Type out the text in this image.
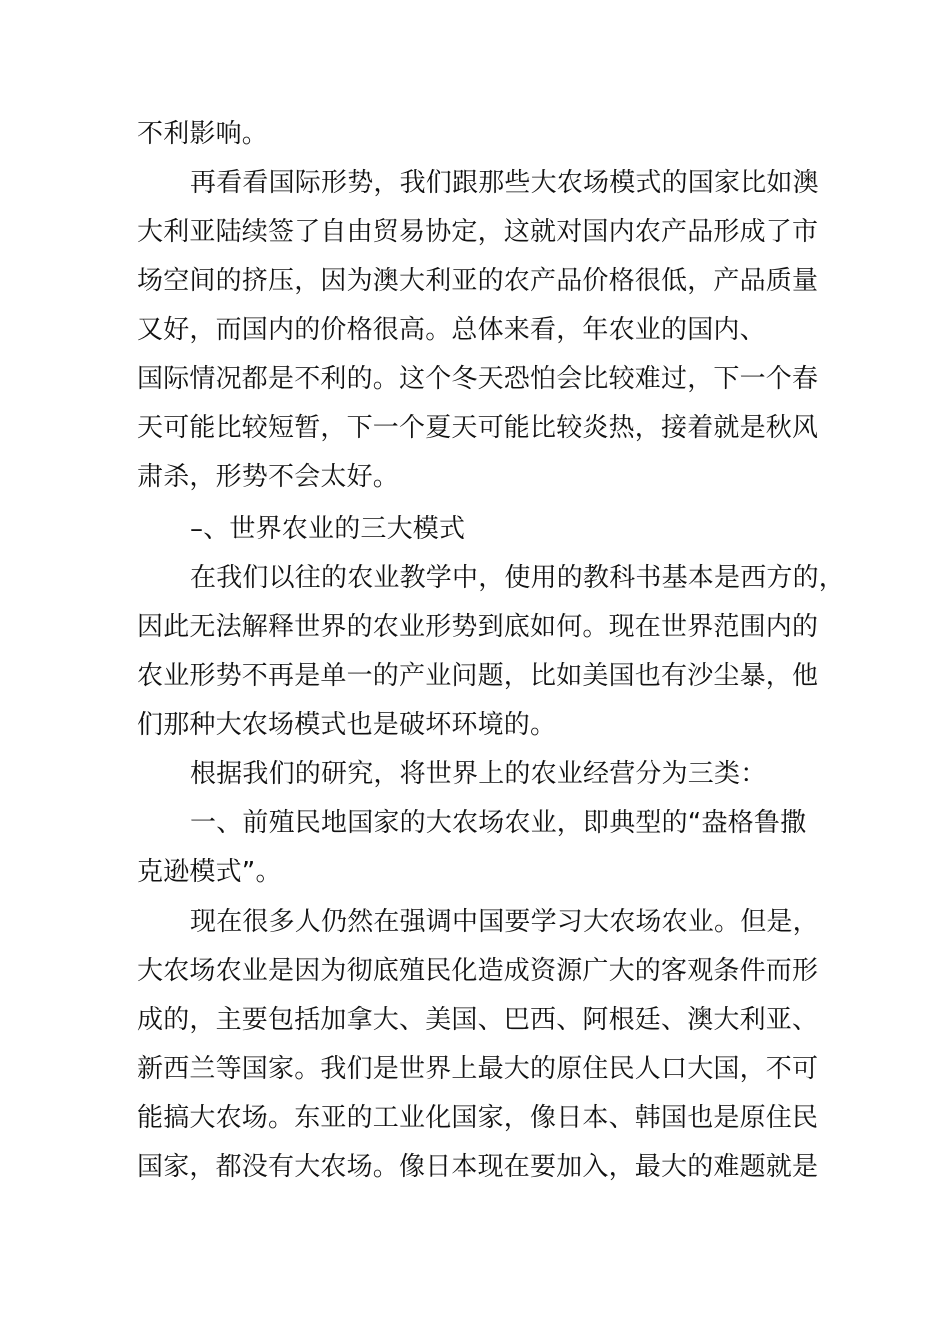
不利影响。
再看看国际形势，我们跟那些大农场模式的国家比如澳
大利亚陆续签了自由贸易协定，这就对国内农产品形成了市
场空间的挤压，因为澳大利亚的农产品价格很低，产品质量
又好，而国内的价格很高。总体来看，年农业的国内、
国际情况都是不利的。这个冬天恐怕会比较难过，下一个春
天可能比较短暂，下一个夏天可能比较炎热，接着就是秋风
肃杀，形势不会太好。
–、世界农业的三大模式
在我们以往的农业教学中，使用的教科书基本是西方的，
因此无法解释世界的农业形势到底如何。现在世界范围内的
农业形势不再是单一的产业问题，比如美国也有沙尘暴，他
们那种大农场模式也是破坏环境的。
根据我们的研究，将世界上的农业经营分为三类：
一、前殖民地国家的大农场农业，即典型的“盎格鲁撒
克逊模式”。
现在很多人仍然在强调中国要学习大农场农业。但是，
大农场农业是因为彻底殖民化造成资源广大的客观条件而形
成的，主要包括加拿大、美国、巴西、阿根廷、澳大利亚、
新西兰等国家。我们是世界上最大的原住民人口大国，不可
能搞大农场。东亚的工业化国家，像日本、韩国也是原住民
国家，都没有大农场。像日本现在要加入，最大的难题就是
